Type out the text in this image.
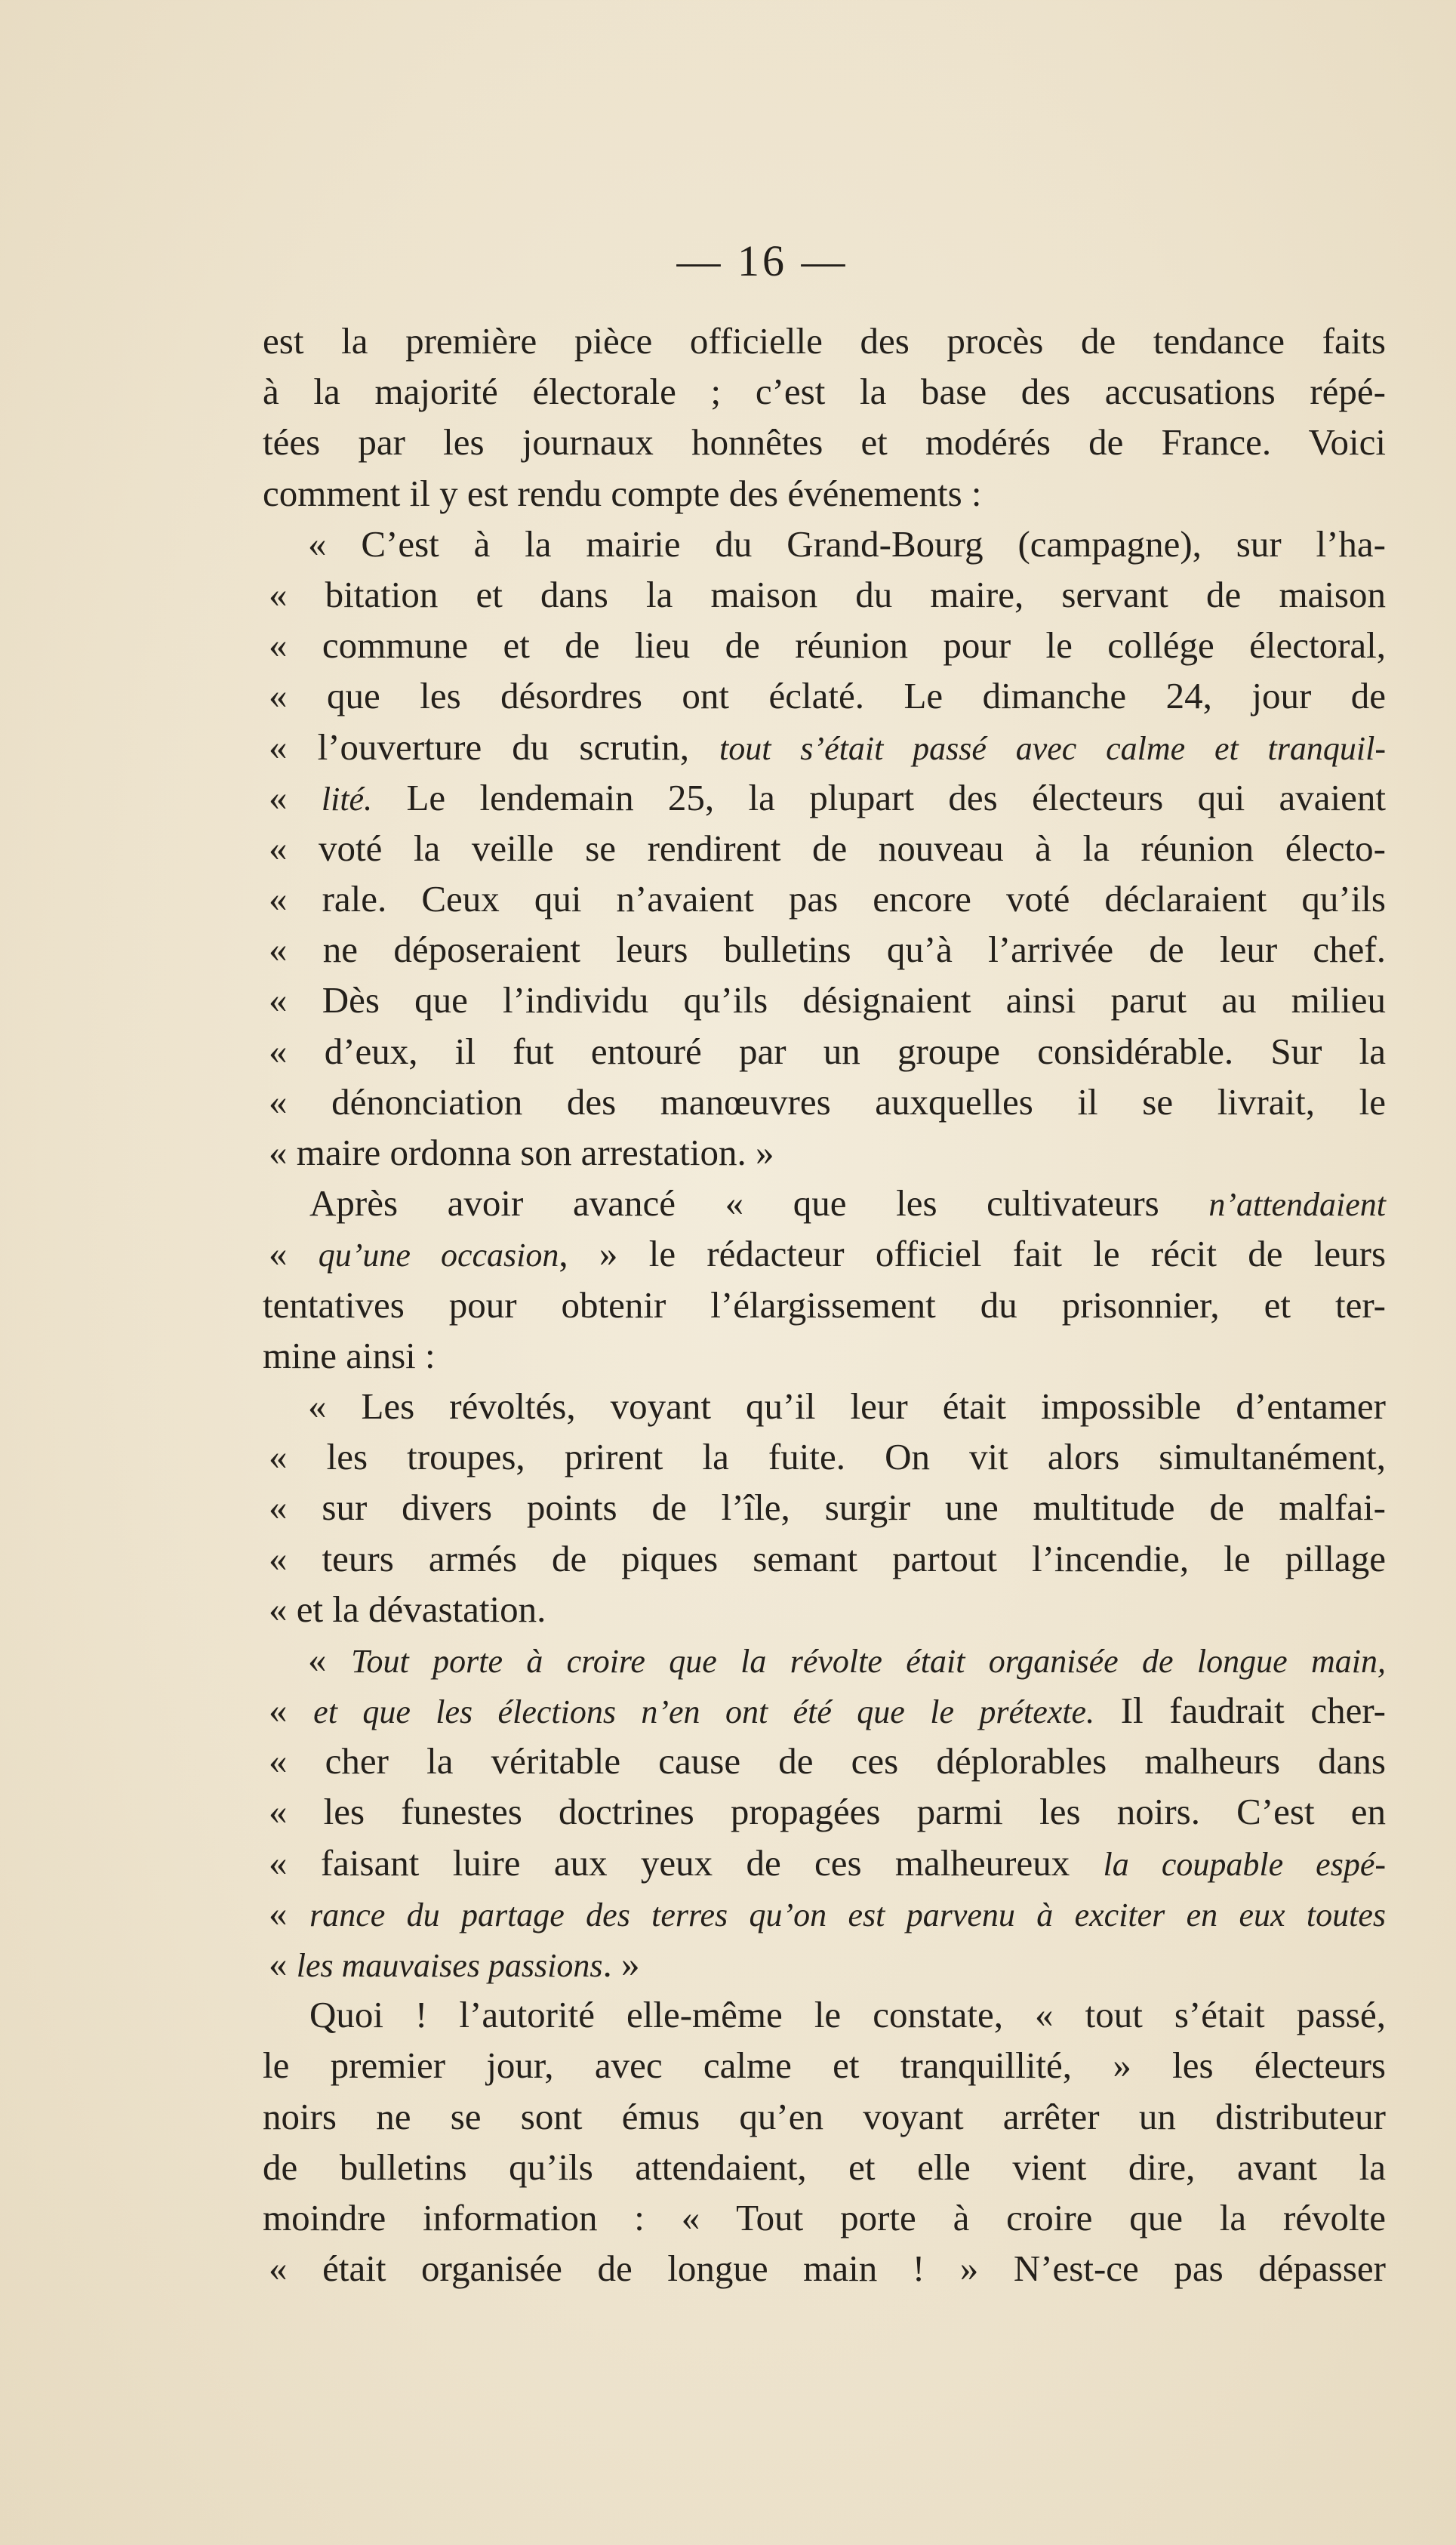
— 16 —
est la première pièce officielle des procès de tendance faits
à la majorité électorale ; c’est la base des accusations répé-
tées par les journaux honnêtes et modérés de France. Voici
comment il y est rendu compte des événements :
« C’est à la mairie du Grand-Bourg (campagne), sur l’ha-
« bitation et dans la maison du maire, servant de maison
« commune et de lieu de réunion pour le collége électoral,
« que les désordres ont éclaté. Le dimanche 24, jour de
« l’ouverture du scrutin, tout s’était passé avec calme et tranquil-
« lité. Le lendemain 25, la plupart des électeurs qui avaient
« voté la veille se rendirent de nouveau à la réunion électo-
« rale. Ceux qui n’avaient pas encore voté déclaraient qu’ils
« ne déposeraient leurs bulletins qu’à l’arrivée de leur chef.
« Dès que l’individu qu’ils désignaient ainsi parut au milieu
« d’eux, il fut entouré par un groupe considérable. Sur la
« dénonciation des manœuvres auxquelles il se livrait, le
« maire ordonna son arrestation. »
Après avoir avancé « que les cultivateurs n’attendaient
« qu’une occasion, » le rédacteur officiel fait le récit de leurs
tentatives pour obtenir l’élargissement du prisonnier, et ter-
mine ainsi :
« Les révoltés, voyant qu’il leur était impossible d’entamer
« les troupes, prirent la fuite. On vit alors simultanément,
« sur divers points de l’île, surgir une multitude de malfai-
« teurs armés de piques semant partout l’incendie, le pillage
« et la dévastation.
« Tout porte à croire que la révolte était organisée de longue main,
« et que les élections n’en ont été que le prétexte. Il faudrait cher-
« cher la véritable cause de ces déplorables malheurs dans
« les funestes doctrines propagées parmi les noirs. C’est en
« faisant luire aux yeux de ces malheureux la coupable espé-
« rance du partage des terres qu’on est parvenu à exciter en eux toutes
« les mauvaises passions. »
Quoi ! l’autorité elle-même le constate, « tout s’était passé,
le premier jour, avec calme et tranquillité, » les électeurs
noirs ne se sont émus qu’en voyant arrêter un distributeur
de bulletins qu’ils attendaient, et elle vient dire, avant la
moindre information : « Tout porte à croire que la révolte
« était organisée de longue main ! » N’est-ce pas dépasser
